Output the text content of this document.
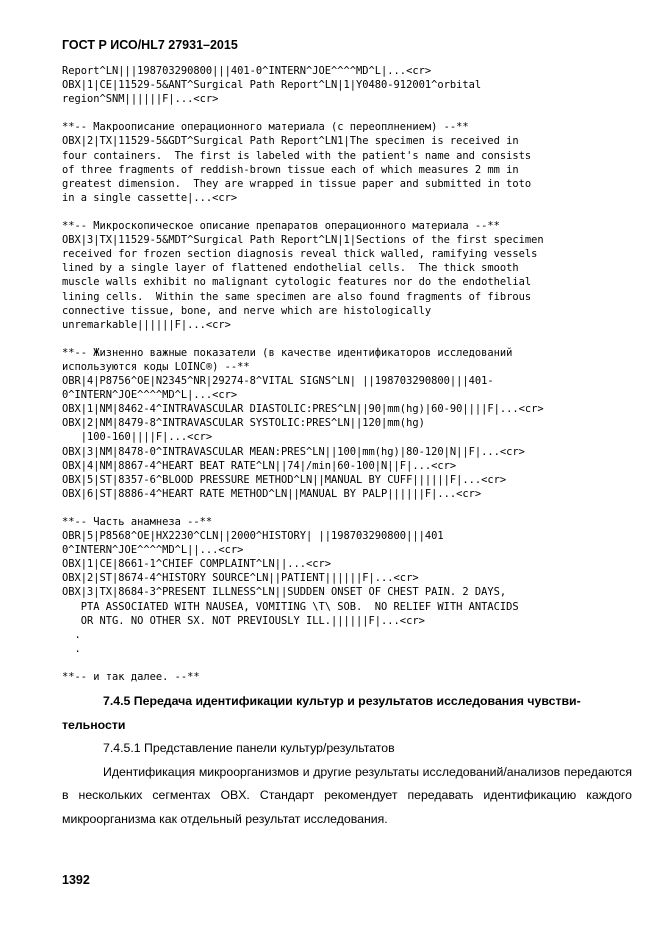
ГОСТ Р ИСО/HL7 27931–2015
Report^LN|||198703290800|||401-0^INTERN^JOE^^^^MD^L|...<cr>
OBX|1|CE|11529-5&ANT^Surgical Path Report^LN|1|Y0480-912001^orbital
region^SNM||||||F|...<cr>
**-- Макроописание операционного материала (с переоплнением) --**
OBX|2|TX|11529-5&GDT^Surgical Path Report^LN1|The specimen is received in
four containers.  The first is labeled with the patient's name and consists
of three fragments of reddish-brown tissue each of which measures 2 mm in
greatest dimension.  They are wrapped in tissue paper and submitted in toto
in a single cassette|...<cr>
**-- Микроскопическое описание препаратов операционного материала --**
OBX|3|TX|11529-5&MDT^Surgical Path Report^LN|1|Sections of the first specimen
received for frozen section diagnosis reveal thick walled, ramifying vessels
lined by a single layer of flattened endothelial cells.  The thick smooth
muscle walls exhibit no malignant cytologic features nor do the endothelial
lining cells.  Within the same specimen are also found fragments of fibrous
connective tissue, bone, and nerve which are histologically
unremarkable||||||F|...<cr>
**-- Жизненно важные показатели (в качестве идентификаторов исследований
используются коды LOINC®) --**
OBR|4|P8756^OE|N2345^NR|29274-8^VITAL SIGNS^LN| ||198703290800|||401-
0^INTERN^JOE^^^^MD^L|...<cr>
OBX|1|NM|8462-4^INTRAVASCULAR DIASTOLIC:PRES^LN||90|mm(hg)|60-90||||F|...<cr>
OBX|2|NM|8479-8^INTRAVASCULAR SYSTOLIC:PRES^LN||120|mm(hg)
|100-160||||F|...<cr>
OBX|3|NM|8478-0^INTRAVASCULAR MEAN:PRES^LN||100|mm(hg)|80-120|N||F|...<cr>
OBX|4|NM|8867-4^HEART BEAT RATE^LN||74|/min|60-100|N||F|...<cr>
OBX|5|ST|8357-6^BLOOD PRESSURE METHOD^LN||MANUAL BY CUFF||||||F|...<cr>
OBX|6|ST|8886-4^HEART RATE METHOD^LN||MANUAL BY PALP||||||F|...<cr>
**-- Часть анамнеза --**
OBR|5|P8568^OE|HX2230^CLN||2000^HISTORY| ||198703290800|||401
0^INTERN^JOE^^^^MD^L||...<cr>
OBX|1|CE|8661-1^CHIEF COMPLAINT^LN||...<cr>
OBX|2|ST|8674-4^HISTORY SOURCE^LN||PATIENT||||||F|...<cr>
OBX|3|TX|8684-3^PRESENT ILLNESS^LN||SUDDEN ONSET OF CHEST PAIN. 2 DAYS,
PTA ASSOCIATED WITH NAUSEA, VOMITING \T\ SOB.  NO RELIEF WITH ANTACIDS
OR NTG. NO OTHER SX. NOT PREVIOUSLY ILL.||||||F|...<cr>
.
.
**-- и так далее. --**
7.4.5 Передача идентификации культур и результатов исследования чувстви-тельности
7.4.5.1 Представление панели культур/результатов
Идентификация микроорганизмов и другие результаты исследований/анализов передаются в нескольких сегментах OBX. Стандарт рекомендует передавать идентификацию каждого микроорганизма как отдельный результат исследования.
1392
